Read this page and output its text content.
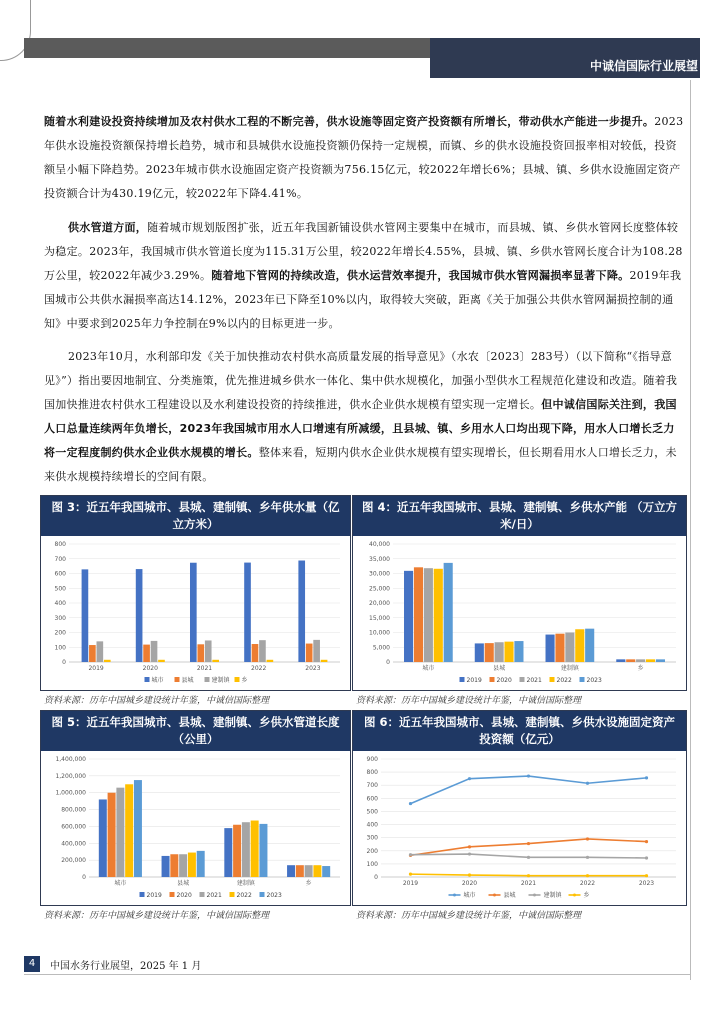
中诚信国际行业展望

随着水利建设投资持续增加及农村供水工程的不断完善，供水设施等固定资产投资额有所增长，带动供水产能进一步提升。2023年供水设施投资额保持增长趋势，城市和县城供水设施投资额仍保持一定规模，而镇、乡的供水设施投资回报率相对较低，投资额呈小幅下降趋势。2023年城市供水设施固定资产投资额为756.15亿元，较2022年增长6%；县城、镇、乡供水设施固定资产投资额合计为430.19亿元，较2022年下降4.41%。

供水管道方面，随着城市规划版图扩张，近五年我国新铺设供水管网主要集中在城市，而县城、镇、乡供水管网长度整体较为稳定。2023年，我国城市供水管道长度为115.31万公里，较2022年增长4.55%，县城、镇、乡供水管网长度合计为108.28万公里，较2022年减少3.29%。随着地下管网的持续改造，供水运营效率提升，我国城市供水管网漏损率显著下降。2019年我国城市公共供水漏损率高达14.12%，2023年已下降至10%以内，取得较大突破，距离《关于加强公共供水管网漏损控制的通知》中要求到2025年力争控制在9%以内的目标更进一步。

2023年10月，水利部印发《关于加快推动农村供水高质量发展的指导意见》（水农〔2023〕283号）（以下简称“《指导意见》”）指出要因地制宜、分类施策，优先推进城乡供水一体化、集中供水规模化，加强小型供水工程规范化建设和改造。随着我国加快推进农村供水工程建设以及水利建设投资的持续推进，供水企业供水规模有望实现一定增长。但中诚信国际关注到，我国人口总量连续两年负增长，2023年我国城市用水人口增速有所减缓，且县城、镇、乡用水人口均出现下降，用水人口增长乏力将一定程度制约供水企业供水规模的增长。整体来看，短期内供水企业供水规模有望实现增长，但长期看用水人口增长乏力，未来供水规模持续增长的空间有限。

图 3：近五年我国城市、县城、建制镇、乡年供水量（亿立方米）
0
100
200
300
400
500
600
700
800
2019	2020	2021	2022	2023
城市	县城	建制镇 乡
资料来源：历年中国城乡建设统计年鉴，中诚信国际整理
图 4：近五年我国城市、县城、建制镇、乡供水产能 （万立方米/日）
0
5,000
10,000
15,000
20,000
25,000
30,000
35,000
40,000
城市	县城	建制镇	乡
2019 2020 2021 2022 2023
资料来源：历年中国城乡建设统计年鉴，中诚信国际整理
图 5：近五年我国城市、县城、建制镇、乡供水管道长度（公里）
0
200,000
400,000
600,000
800,000
1,000,000
1,200,000
1,400,000
城市	县城	建制镇	乡
2019 2020 2021 2022 2023
资料来源：历年中国城乡建设统计年鉴，中诚信国际整理
图 6：近五年我国城市、县城、建制镇、乡供水设施固定资产投资额（亿元）
0
100
200
300
400
500
600
700
800
900
2019	2020	2021	2022	2023
城市	县城	建制镇	乡
资料来源：历年中国城乡建设统计年鉴，中诚信国际整理
4	中国水务行业展望，2025 年 1 月
